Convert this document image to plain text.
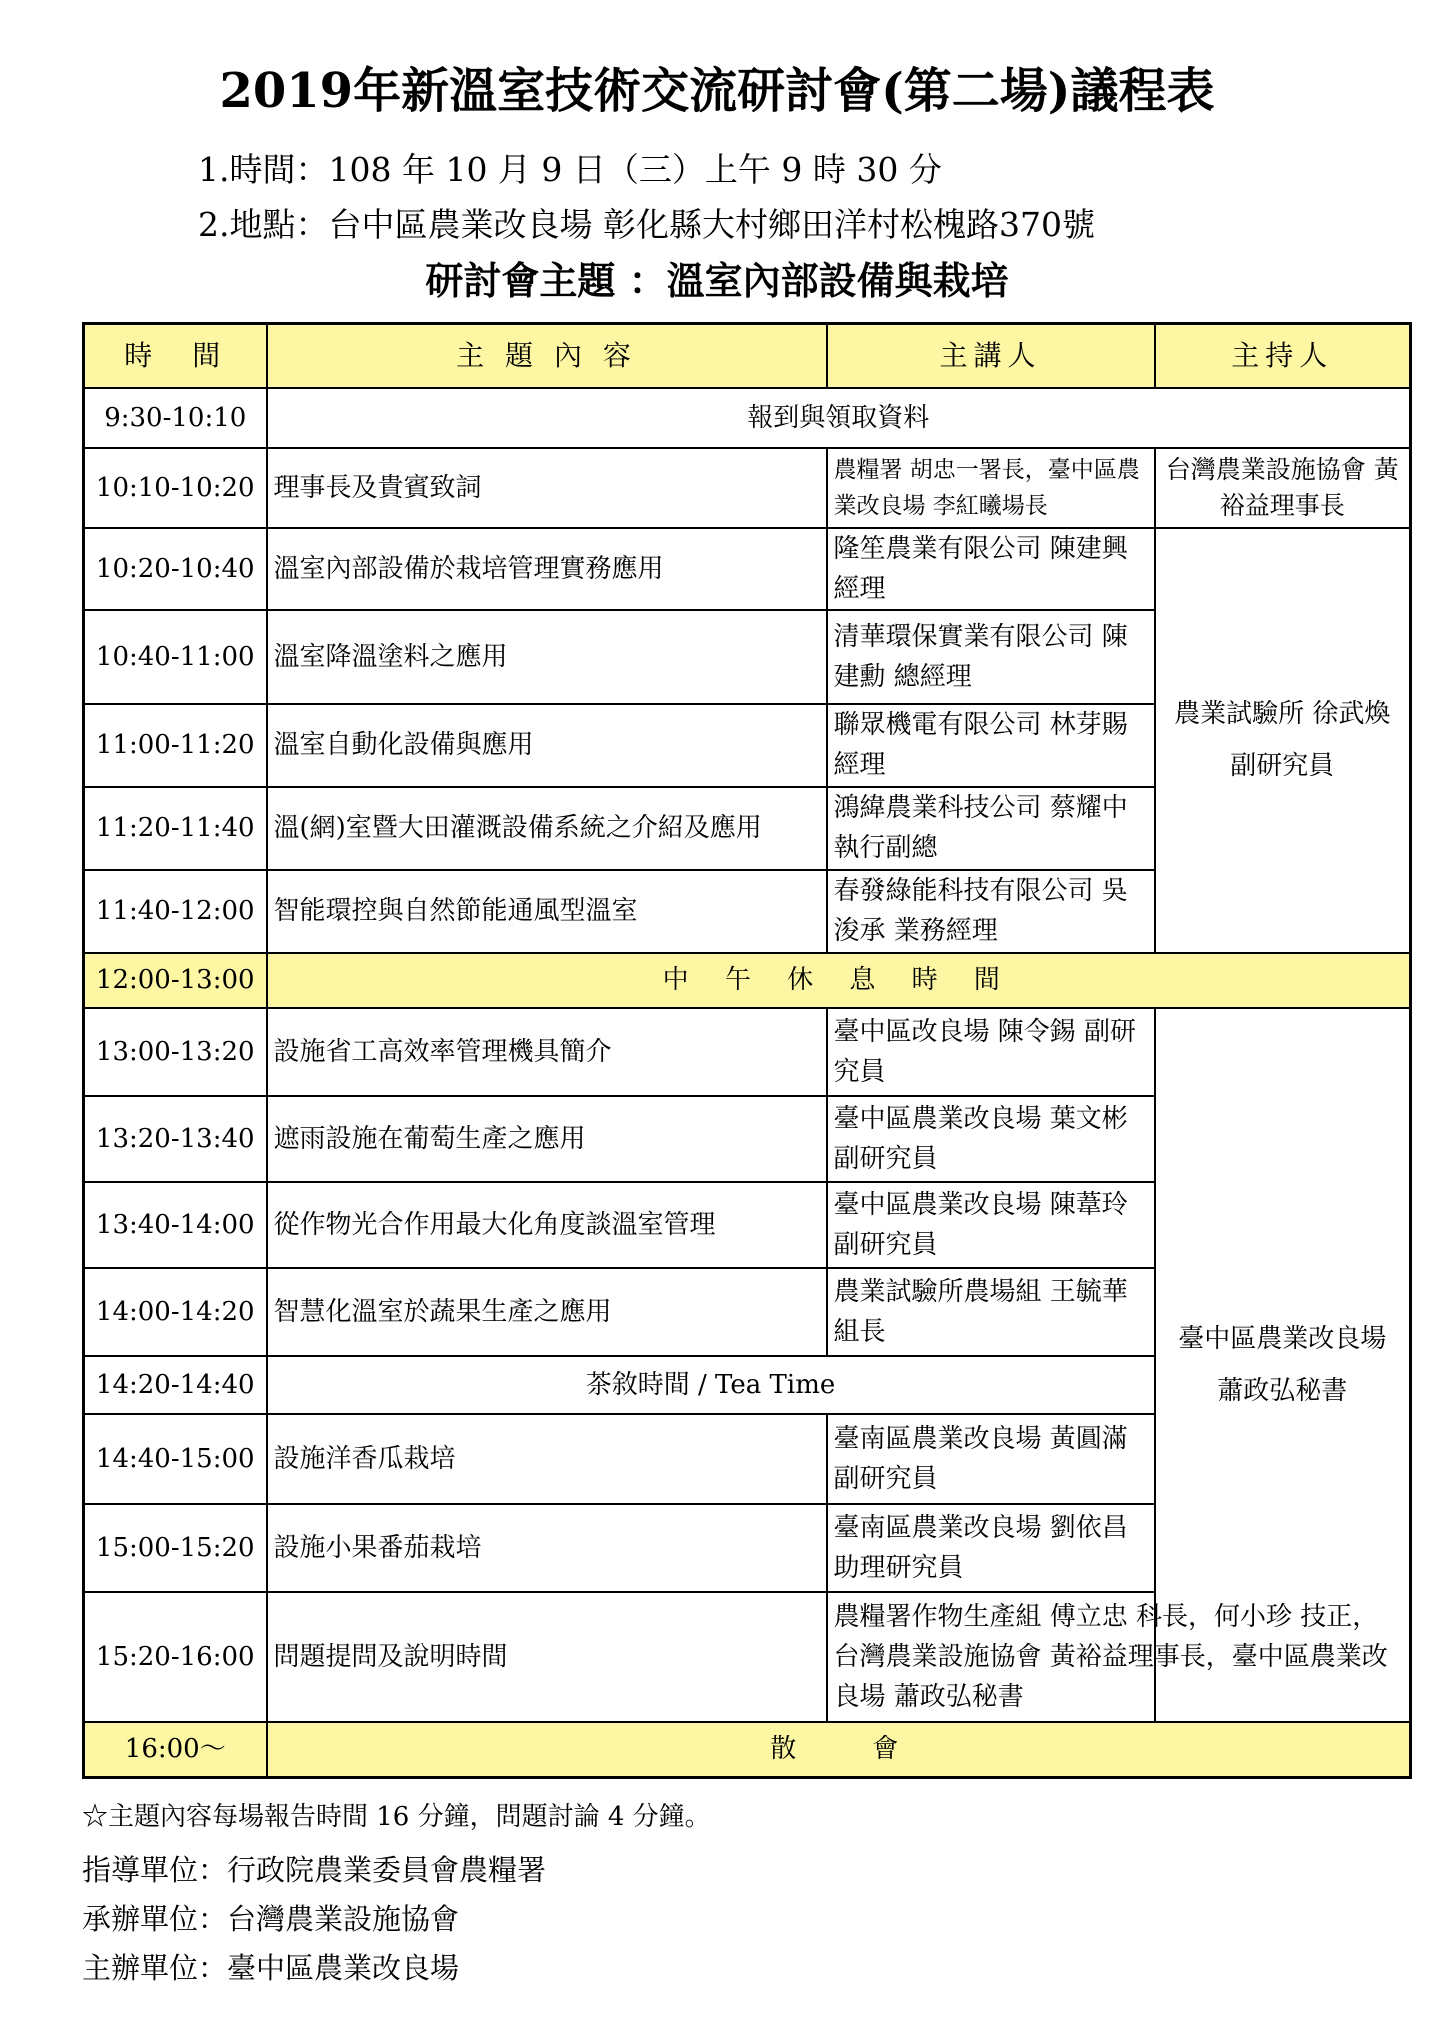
2019年新溫室技術交流研討會(第二場)議程表
1.時間：108 年 10 月 9 日（三）上午 9 時 30 分
2.地點：台中區農業改良場 彰化縣大村鄉田洋村松槐路370號
研討會主題 ：溫室內部設備與栽培
時　間	主 題 內 容	主講人	主持人
9:30-10:10	報到與領取資料		
10:10-10:20	理事長及貴賓致詞	農糧署 胡忠一署長，臺中區農業改良場 李紅曦場長	台灣農業設施協會 黃裕益理事長
10:20-10:40	溫室內部設備於栽培管理實務應用	隆笙農業有限公司 陳建興 經理	農業試驗所 徐武煥副研究員
10:40-11:00	溫室降溫塗料之應用	清華環保實業有限公司 陳建勳 總經理	
11:00-11:20	溫室自動化設備與應用	聯眾機電有限公司 林芽賜 經理	
11:20-11:40	溫(網)室暨大田灌溉設備系統之介紹及應用	鴻緯農業科技公司 蔡耀中 執行副總	
11:40-12:00	智能環控與自然節能通風型溫室	春發綠能科技有限公司 吳浚承 業務經理	
12:00-13:00	中 午 休 息 時 間		
13:00-13:20	設施省工高效率管理機具簡介	臺中區改良場 陳令錫 副研究員	臺中區農業改良場 蕭政弘秘書
13:20-13:40	遮雨設施在葡萄生產之應用	臺中區農業改良場 葉文彬 副研究員	
13:40-14:00	從作物光合作用最大化角度談溫室管理	臺中區農業改良場 陳葦玲 副研究員	
14:00-14:20	智慧化溫室於蔬果生產之應用	農業試驗所農場組 王毓華 組長	
14:20-14:40	茶敘時間 / Tea Time		
14:40-15:00	設施洋香瓜栽培	臺南區農業改良場 黃圓滿 副研究員	
15:00-15:20	設施小果番茄栽培	臺南區農業改良場 劉依昌 助理研究員	
15:20-16:00	問題提問及說明時間	農糧署作物生產組 傅立忠 科長，何小珍 技正，台灣農業設施協會 黃裕益理事長，臺中區農業改良場 蕭政弘秘書	
16:00～	散　　會		
☆主題內容每場報告時間 16 分鐘，問題討論 4 分鐘。
指導單位：行政院農業委員會農糧署
承辦單位：台灣農業設施協會
主辦單位：臺中區農業改良場
